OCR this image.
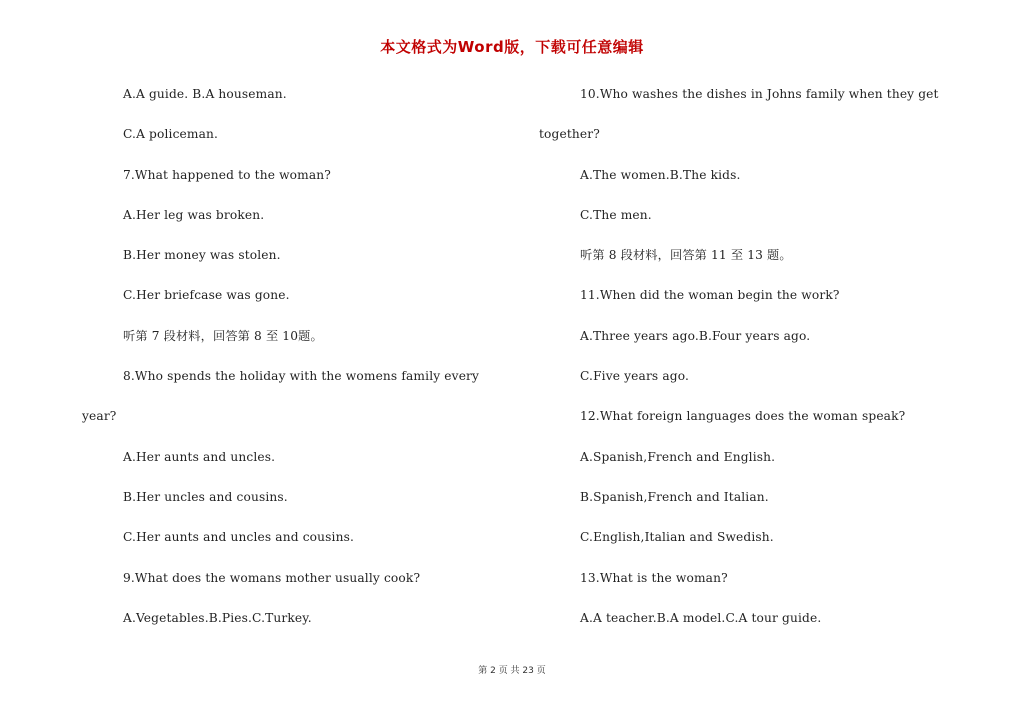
本文格式为Word版，下载可任意编辑
A.A guide. B.A houseman.
C.A policeman.
7.What happened to the woman?
A.Her leg was broken.
B.Her money was stolen.
C.Her briefcase was gone.
听第 7 段材料，回答第 8 至 10题。
8.Who spends the holiday with the womens family every
year?
A.Her aunts and uncles.
B.Her uncles and cousins.
C.Her aunts and uncles and cousins.
9.What does the womans mother usually cook?
A.Vegetables.B.Pies.C.Turkey.
10.Who washes the dishes in Johns family when they get
together?
A.The women.B.The kids.
C.The men.
听第 8 段材料，回答第 11 至 13 题。
11.When did the woman begin the work?
A.Three years ago.B.Four years ago.
C.Five years ago.
12.What foreign languages does the woman speak?
A.Spanish,French and English.
B.Spanish,French and Italian.
C.English,Italian and Swedish.
13.What is the woman?
A.A teacher.B.A model.C.A tour guide.
第 2 页 共 23 页
